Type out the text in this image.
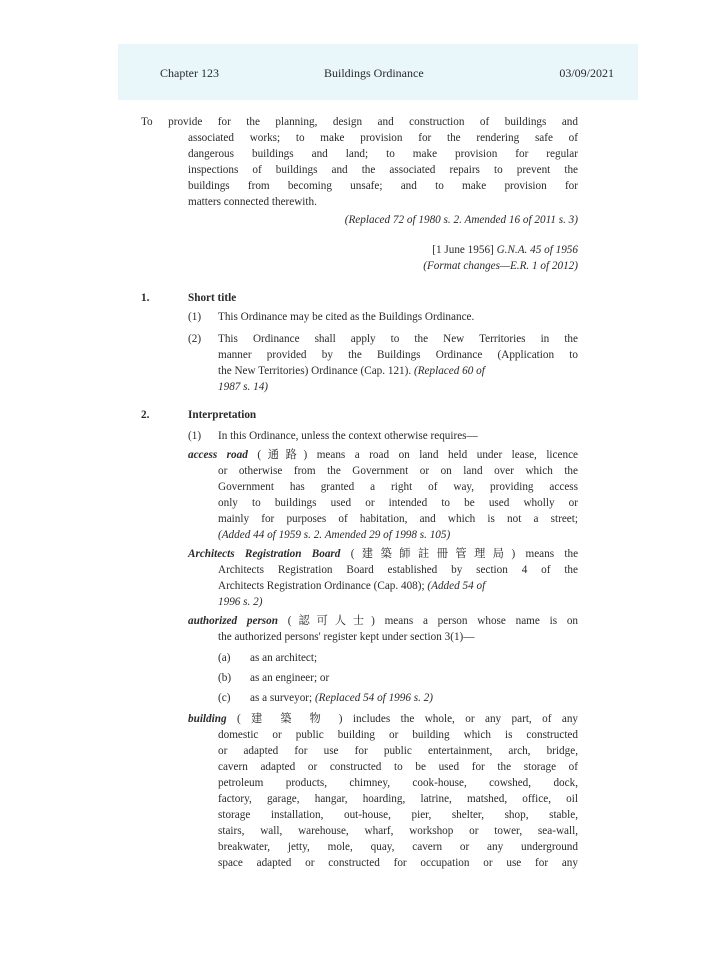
Chapter 123	Buildings Ordinance	03/09/2021
To provide for the planning, design and construction of buildings and
associated works; to make provision for the rendering safe of
dangerous buildings and land; to make provision for regular
inspections of buildings and the associated repairs to prevent the
buildings from becoming unsafe; and to make provision for
matters connected therewith.
(Replaced 72 of 1980 s. 2. Amended 16 of 2011 s. 3)
[1 June 1956] G.N.A. 45 of 1956
(Format changes—E.R. 1 of 2012)
1.	Short title
(1) This Ordinance may be cited as the Buildings Ordinance.
(2) This Ordinance shall apply to the New Territories in the
manner provided by the Buildings Ordinance (Application to
the New Territories) Ordinance (Cap. 121). (Replaced 60 of
1987 s. 14)
2.	Interpretation
(1) In this Ordinance, unless the context otherwise requires—
access road (通路) means a road on land held under lease, licence
or otherwise from the Government or on land over which the
Government has granted a right of way, providing access
only to buildings used or intended to be used wholly or
mainly for purposes of habitation, and which is not a street;
(Added 44 of 1959 s. 2. Amended 29 of 1998 s. 105)
Architects Registration Board (建築師註冊管理局) means the
Architects Registration Board established by section 4 of the
Architects Registration Ordinance (Cap. 408); (Added 54 of
1996 s. 2)
authorized person (認可人士) means a person whose name is on
the authorized persons' register kept under section 3(1)—
(a) as an architect;
(b) as an engineer; or
(c) as a surveyor; (Replaced 54 of 1996 s. 2)
building ( 建 築 物 ) includes the whole, or any part, of any
domestic or public building or building which is constructed
or adapted for use for public entertainment, arch, bridge,
cavern adapted or constructed to be used for the storage of
petroleum products, chimney, cook-house, cowshed, dock,
factory, garage, hangar, hoarding, latrine, matshed, office, oil
storage installation, out-house, pier, shelter, shop, stable,
stairs, wall, warehouse, wharf, workshop or tower, sea-wall,
breakwater, jetty, mole, quay, cavern or any underground
space adapted or constructed for occupation or use for any
